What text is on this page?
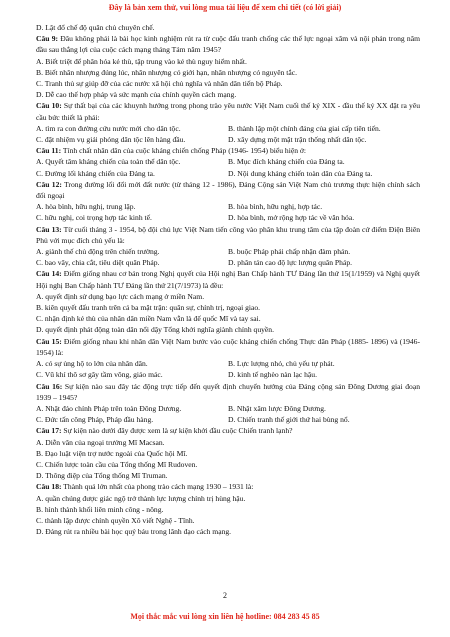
Đây là bản xem thử, vui lòng mua tài liệu để xem chi tiết (có lời giải)
D. Lật đổ chế độ quân chủ chuyên chế.
Câu 9: Đâu không phải là bài học kinh nghiệm rút ra từ cuộc đấu tranh chống các thế lực ngoại xâm và nội phản trong năm đầu sau thắng lợi của cuộc cách mạng tháng Tám năm 1945?
A. Biết triệt để phân hóa kẻ thù, tập trung vào kẻ thù nguy hiểm nhất.
B. Biết nhân nhượng đúng lúc, nhân nhượng có giới hạn, nhân nhượng có nguyên tắc.
C. Tranh thủ sự giúp đỡ của các nước xã hội chủ nghĩa và nhân dân tiến bộ Pháp.
D. Dễ cao thế hợp pháp và sức mạnh của chính quyền cách mạng.
Câu 10: Sự thất bại của các khuynh hướng trong phong trào yêu nước Việt Nam cuối thế kỷ XIX - đầu thế kỷ XX đặt ra yêu cầu bức thiết là phải:
A. tìm ra con đường cứu nước mới cho dân tộc.	B. thành lập một chính đảng của giai cấp tiên tiến.
C. đặt nhiệm vụ giải phóng dân tộc lên hàng đầu.	D. xây dựng một mặt trận thống nhất dân tộc.
Câu 11: Tính chất nhân dân của cuộc kháng chiến chống Pháp (1946- 1954) biểu hiện ở:
A. Quyết tâm kháng chiến của toàn thể dân tộc.	B. Mục đích kháng chiến của Đảng ta.
C. Đường lối kháng chiến của Đảng ta.	D. Nội dung kháng chiến toàn dân của Đảng ta.
Câu 12: Trong đường lối đổi mới đất nước (từ tháng 12 - 1986), Đảng Cộng sản Việt Nam chủ trương thực hiện chính sách đối ngoại
A. hòa bình, hữu nghị, trung lập.	B. hòa bình, hữu nghị, hợp tác.
C. hữu nghị, coi trọng hợp tác kinh tế.	D. hòa bình, mở rộng hợp tác về văn hóa.
Câu 13: Từ cuối tháng 3 - 1954, bộ đội chủ lực Việt Nam tiến công vào phân khu trung tâm của tập đoàn cứ điểm Điện Biên Phủ với mục đích chủ yếu là:
A. giành thế chủ động trên chiến trường.	B. buộc Pháp phải chấp nhận đàm phán.
C. bao vây, chia cắt, tiêu diệt quân Pháp.	D. phân tán cao độ lực lượng quân Pháp.
Câu 14: Điểm giống nhau cơ bản trong Nghị quyết của Hội nghị Ban Chấp hành TƯ Đảng lần thứ 15(1/1959) và Nghị quyết Hội nghị Ban Chấp hành TƯ Đảng lần thứ 21(7/1973) là đều:
A. quyết định sử dụng bạo lực cách mạng ở miền Nam.
B. kiên quyết đấu tranh trên cả ba mặt trận: quân sự, chính trị, ngoại giao.
C. nhận định kẻ thù của nhân dân miền Nam vẫn là đế quốc Mĩ và tay sai.
D. quyết định phát động toàn dân nổi dậy Tổng khởi nghĩa giành chính quyền.
Câu 15: Điểm giống nhau khi nhân dân Việt Nam bước vào cuộc kháng chiến chống Thực dân Pháp (1885- 1896) và (1946- 1954) là:
A. có sự ủng hộ to lớn của nhân dân.	B. Lực lượng nhỏ, chủ yếu tự phát.
C. Vũ khí thô sơ gây tầm vông, giáo mác.	D. kinh tế nghèo nàn lạc hậu.
Câu 16: Sự kiện nào sau đây tác động trực tiếp đến quyết định chuyển hướng của Đảng cộng sản Đông Dương giai đoạn 1939 – 1945?
A. Nhật đảo chính Pháp trên toàn Đông Dương.	B. Nhật xâm lược Đông Dương.
C. Đức tấn công Pháp, Pháp đầu hàng.	D. Chiến tranh thế giới thứ hai bùng nổ.
Câu 17: Sự kiện nào dưới đây được xem là sự kiện khởi đầu cuộc Chiến tranh lạnh?
A. Diễn văn của ngoại trưởng Mĩ Macsan.
B. Đạo luật viện trợ nước ngoài của Quốc hội Mĩ.
C. Chiến lược toàn cầu của Tổng thống Mĩ Rudoven.
D. Thông điệp của Tổng thống Mĩ Truman.
Câu 18: Thành quả lớn nhất của phong trào cách mạng 1930 – 1931 là:
A. quần chúng được giác ngộ trở thành lực lượng chính trị hùng hậu.
B. hình thành khối liên minh công - nông.
C. thành lập được chính quyền Xô viết Nghệ - Tĩnh.
D. Đảng rút ra nhiều bài học quý báu trong lãnh đạo cách mạng.
2
Mọi thắc mắc vui lòng xin liên hệ hotline: 084 283 45 85
